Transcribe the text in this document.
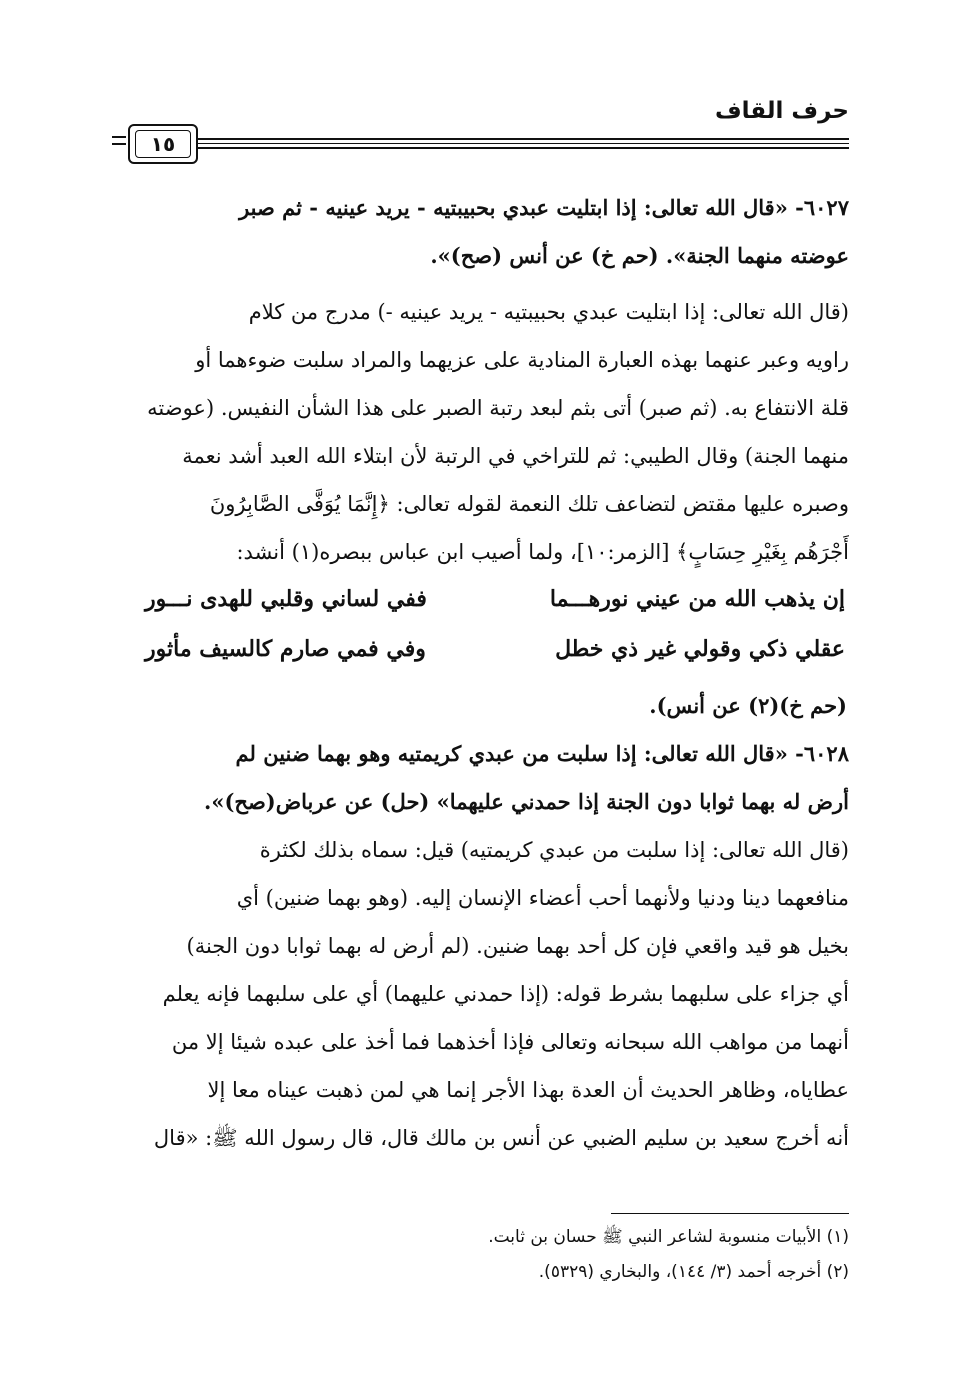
حرف القاف
١٥
٦٠٢٧- «قال الله تعالى: إذا ابتليت عبدي بحبيبتيه - يريد عينيه - ثم صبر
عوضته منهما الجنة». (حم خ) عن أنس (صح)».
(قال الله تعالى: إذا ابتليت عبدي بحبيبتيه - يريد عينيه -) مدرج من كلام
راويه وعبر عنهما بهذه العبارة المنادية على عزيهما والمراد سلبت ضوءهما أو
قلة الانتفاع به. (ثم صبر) أتى بثم لبعد رتبة الصبر على هذا الشأن النفيس. (عوضته
منهما الجنة) وقال الطيبي: ثم للتراخي في الرتبة لأن ابتلاء الله العبد أشد نعمة
وصبره عليها مقتض لتضاعف تلك النعمة لقوله تعالى: ﴿إِنَّمَا يُوَفَّى الصَّابِرُونَ
أَجْرَهُم بِغَيْرِ حِسَابٍ﴾ [الزمر:١٠]، ولما أصيب ابن عباس ببصره(١) أنشد:
إن يذهب الله من عيني نورهـــما
ففي لساني وقلبي للهدى نـــور
عقلي ذكي وقولي غير ذي خطل
وفي فمي صارم كالسيف مأثور
(حم خ)(٢) عن أنس).
٦٠٢٨- «قال الله تعالى: إذا سلبت من عبدي كريمتيه وهو بهما ضنين لم
أرض له بهما ثوابا دون الجنة إذا حمدني عليهما» (حل) عن عرباض(صح)».
(قال الله تعالى: إذا سلبت من عبدي كريمتيه) قيل: سماه بذلك لكثرة
منافعهما دينا ودنيا ولأنهما أحب أعضاء الإنسان إليه. (وهو بهما ضنين) أي
بخيل هو قيد واقعي فإن كل أحد بهما ضنين. (لم أرض له بهما ثوابا دون الجنة)
أي جزاء على سلبهما بشرط قوله: (إذا حمدني عليهما) أي على سلبهما فإنه يعلم
أنهما من مواهب الله سبحانه وتعالى فإذا أخذهما فما أخذ على عبده شيئا إلا من
عطاياه، وظاهر الحديث أن العدة بهذا الأجر إنما هي لمن ذهبت عيناه معا إلا
أنه أخرج سعيد بن سليم الضبي عن أنس بن مالك قال، قال رسول الله ﷺ: «قال
(١) الأبيات منسوبة لشاعر النبي ﷺ حسان بن ثابت.
(٢) أخرجه أحمد (٣/ ١٤٤)، والبخاري (٥٣٢٩).
